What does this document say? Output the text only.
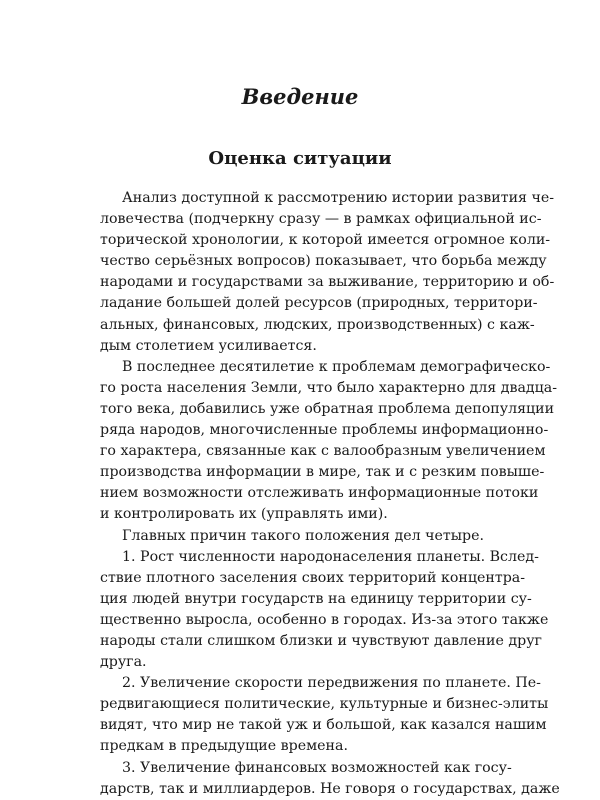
Введение
Оценка ситуации
Анализ доступной к рассмотрению истории развития че-
ловечества (подчеркну сразу — в рамках официальной ис-
торической хронологии, к которой имеется огромное коли-
чество серьёзных вопросов) показывает, что борьба между
народами и государствами за выживание, территорию и об-
ладание большей долей ресурсов (природных, территори-
альных, финансовых, людских, производственных) с каж-
дым столетием усиливается.
В последнее десятилетие к проблемам демографическо-
го роста населения Земли, что было характерно для двадца-
того века, добавились уже обратная проблема депопуляции
ряда народов, многочисленные проблемы информационно-
го характера, связанные как с валообразным увеличением
производства информации в мире, так и с резким повыше-
нием возможности отслеживать информационные потоки
и контролировать их (управлять ими).
Главных причин такого положения дел четыре.
1. Рост численности народонаселения планеты. Вслед-
ствие плотного заселения своих территорий концентра-
ция людей внутри государств на единицу территории су-
щественно выросла, особенно в городах. Из-за этого также
народы стали слишком близки и чувствуют давление друг
друга.
2. Увеличение скорости передвижения по планете. Пе-
редвигающиеся политические, культурные и бизнес-элиты
видят, что мир не такой уж и большой, как казался нашим
предкам в предыдущие времена.
3. Увеличение финансовых возможностей как госу-
дарств, так и миллиардеров. Не говоря о государствах, даже
